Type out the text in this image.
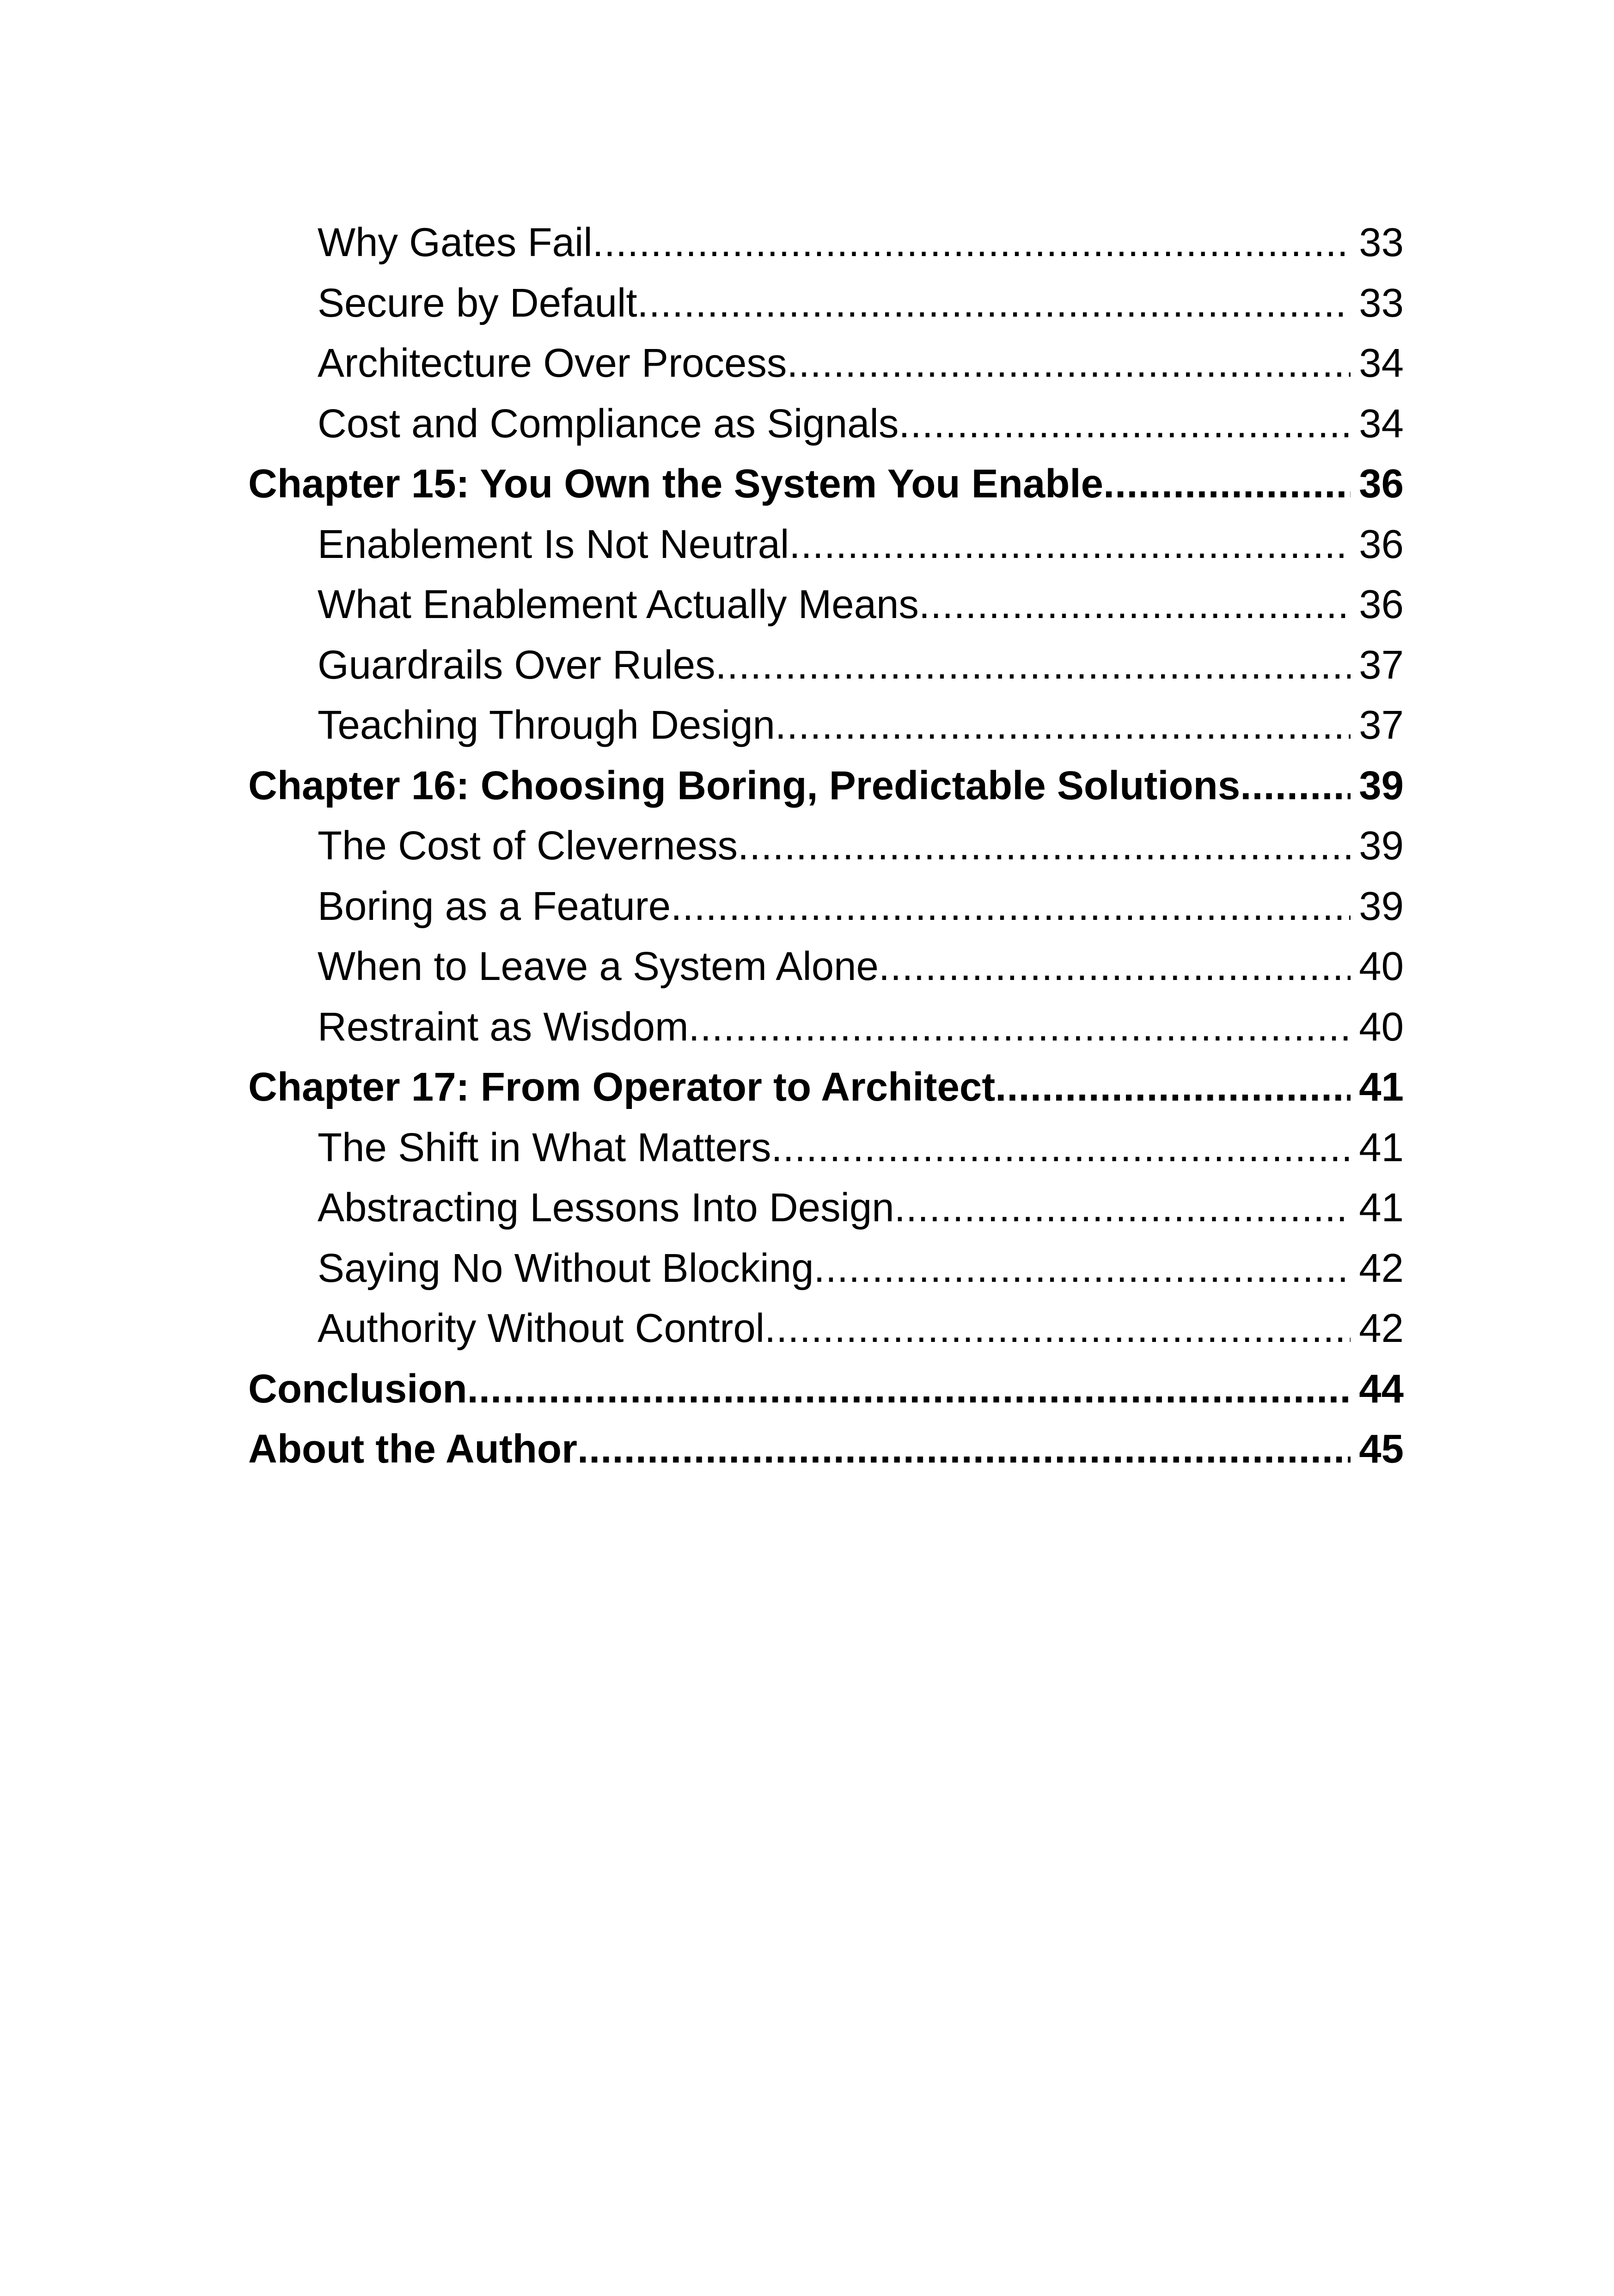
Why Gates Fail .....	33
Secure by Default .....	33
Architecture Over Process .....	34
Cost and Compliance as Signals .....	34
Chapter 15: You Own the System You Enable .....	36
Enablement Is Not Neutral .....	36
What Enablement Actually Means .....	36
Guardrails Over Rules .....	37
Teaching Through Design .....	37
Chapter 16: Choosing Boring, Predictable Solutions .....	39
The Cost of Cleverness .....	39
Boring as a Feature .....	39
When to Leave a System Alone .....	40
Restraint as Wisdom .....	40
Chapter 17: From Operator to Architect .....	41
The Shift in What Matters .....	41
Abstracting Lessons Into Design .....	41
Saying No Without Blocking .....	42
Authority Without Control .....	42
Conclusion .....	44
About the Author .....	45
